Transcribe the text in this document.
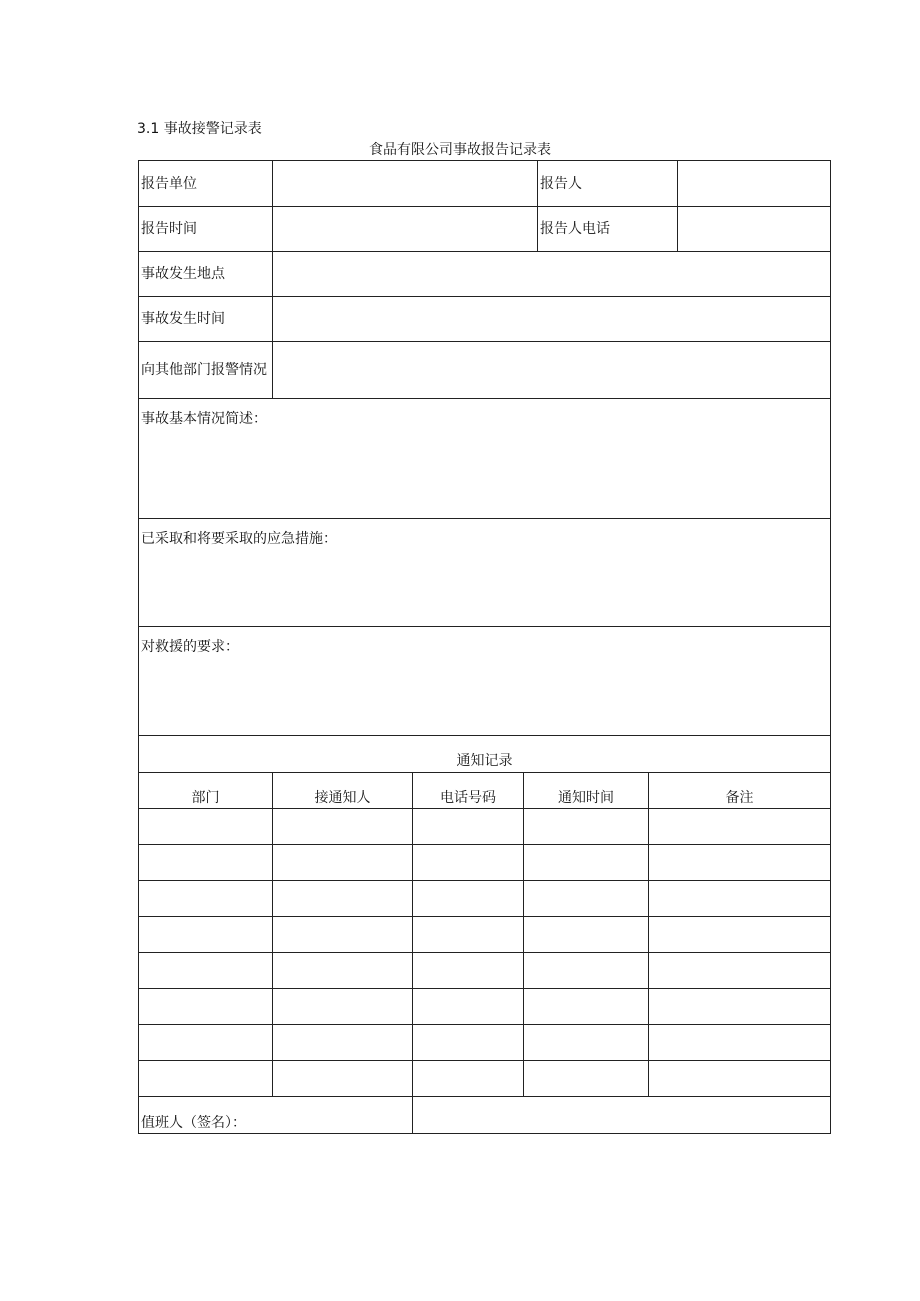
3.1 事故接警记录表
食品有限公司事故报告记录表
报告单位				报告人		
报告时间				报告人电话		
事故发生地点						
事故发生时间						
向其他部门报警情况						
事故基本情况简述：						
已采取和将要采取的应急措施：						
对救援的要求：						
通知记录						
部门	接通知人	电话号码	通知时间		备注	

值班人（签名）：						
